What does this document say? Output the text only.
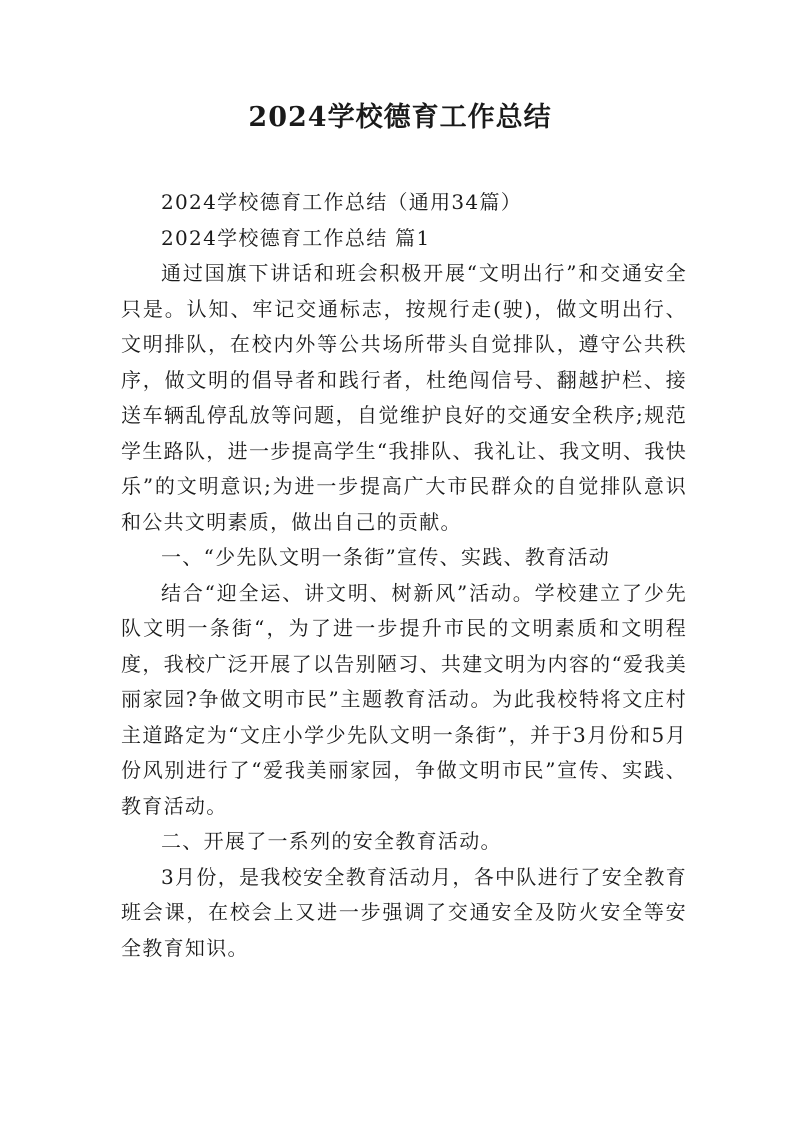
2024学校德育工作总结

2024学校德育工作总结（通用34篇）

2024学校德育工作总结 篇1

通过国旗下讲话和班会积极开展“文明出行”和交通安全只是。认知、牢记交通标志，按规行走(驶)，做文明出行、文明排队，在校内外等公共场所带头自觉排队，遵守公共秩序，做文明的倡导者和践行者，杜绝闯信号、翻越护栏、接送车辆乱停乱放等问题，自觉维护良好的交通安全秩序;规范学生路队，进一步提高学生“我排队、我礼让、我文明、我快乐”的文明意识;为进一步提高广大市民群众的自觉排队意识和公共文明素质，做出自己的贡献。

一、“少先队文明一条街”宣传、实践、教育活动

结合“迎全运、讲文明、树新风”活动。学校建立了少先队文明一条街“，为了进一步提升市民的文明素质和文明程度，我校广泛开展了以告别陋习、共建文明为内容的“爱我美丽家园?争做文明市民”主题教育活动。为此我校特将文庄村主道路定为“文庄小学少先队文明一条街”，并于3月份和5月份风别进行了“爱我美丽家园，争做文明市民”宣传、实践、教育活动。

二、开展了一系列的安全教育活动。

3月份，是我校安全教育活动月，各中队进行了安全教育班会课，在校会上又进一步强调了交通安全及防火安全等安全教育知识。
